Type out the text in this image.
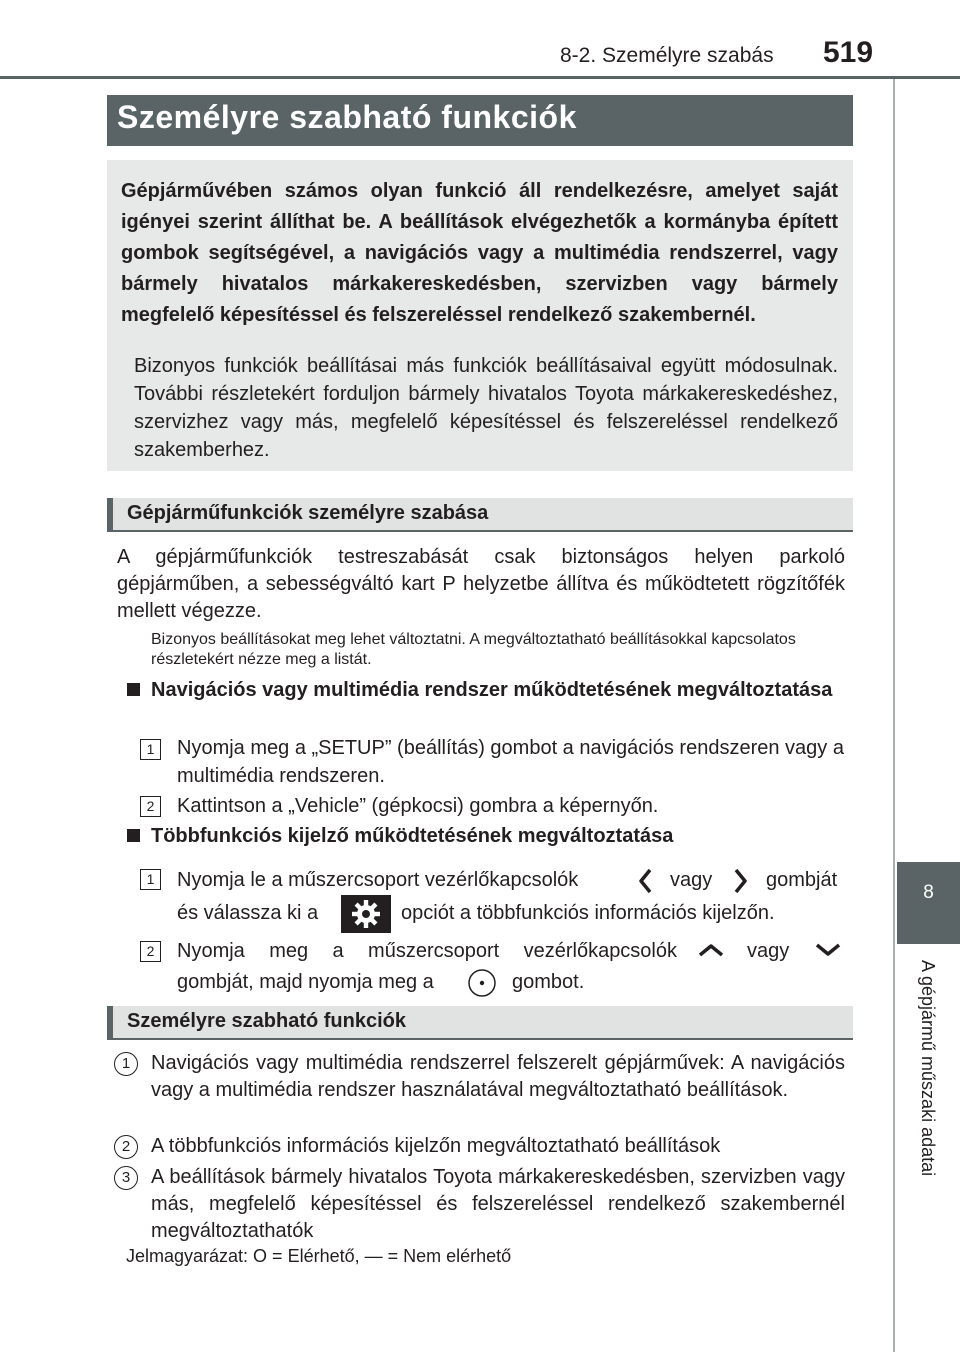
8-2. Személyre szabás 519
8
A gépjármű műszaki adatai
Személyre szabható funkciók
Gépjárművében számos olyan funkció áll rendelkezésre, amelyet saját igényei szerint állíthat be. A beállítások elvégezhetők a kormányba épített gombok segítségével, a navigációs vagy a multimédia rendszerrel, vagy bármely hivatalos márkakereskedésben, szervizben vagy bármely megfelelő képesítéssel és felszereléssel rendelkező szakembernél.
Bizonyos funkciók beállításai más funkciók beállításaival együtt módosulnak. További részletekért forduljon bármely hivatalos Toyota márkakereskedéshez, szervizhez vagy más, megfelelő képesítéssel és felszereléssel rendelkező szakemberhez.
Gépjárműfunkciók személyre szabása
A gépjárműfunkciók testreszabását csak biztonságos helyen parkoló gépjárműben, a sebességváltó kart P helyzetbe állítva és működtetett rögzítőfék mellett végezze.
Bizonyos beállításokat meg lehet változtatni. A megváltoztatható beállításokkal kapcsolatos részletekért nézze meg a listát.
Navigációs vagy multimédia rendszer működtetésének megváltoztatása
1	Nyomja meg a „SETUP” (beállítás) gombot a navigációs rendszeren vagy a multimédia rendszeren.
2	Kattintson a „Vehicle” (gépkocsi) gombra a képernyőn.
Többfunkciós kijelző működtetésének megváltoztatása
1	Nyomja le a műszercsoport vezérlőkapcsolók	vagy	gombját
és válassza ki a	opciót a többfunkciós információs kijelzőn.
2	Nyomja meg a műszercsoport vezérlőkapcsolók	vagy
gombját, majd nyomja meg a	gombot.
Személyre szabható funkciók
1	Navigációs vagy multimédia rendszerrel felszerelt gépjárművek: A navigációs vagy a multimédia rendszer használatával megváltoztatható beállítások.
2	A többfunkciós információs kijelzőn megváltoztatható beállítások
3	A beállítások bármely hivatalos Toyota márkakereskedésben, szervizben vagy más, megfelelő képesítéssel és felszereléssel rendelkező szakembernél megváltoztathatók
Jelmagyarázat: O = Elérhető, — = Nem elérhető
